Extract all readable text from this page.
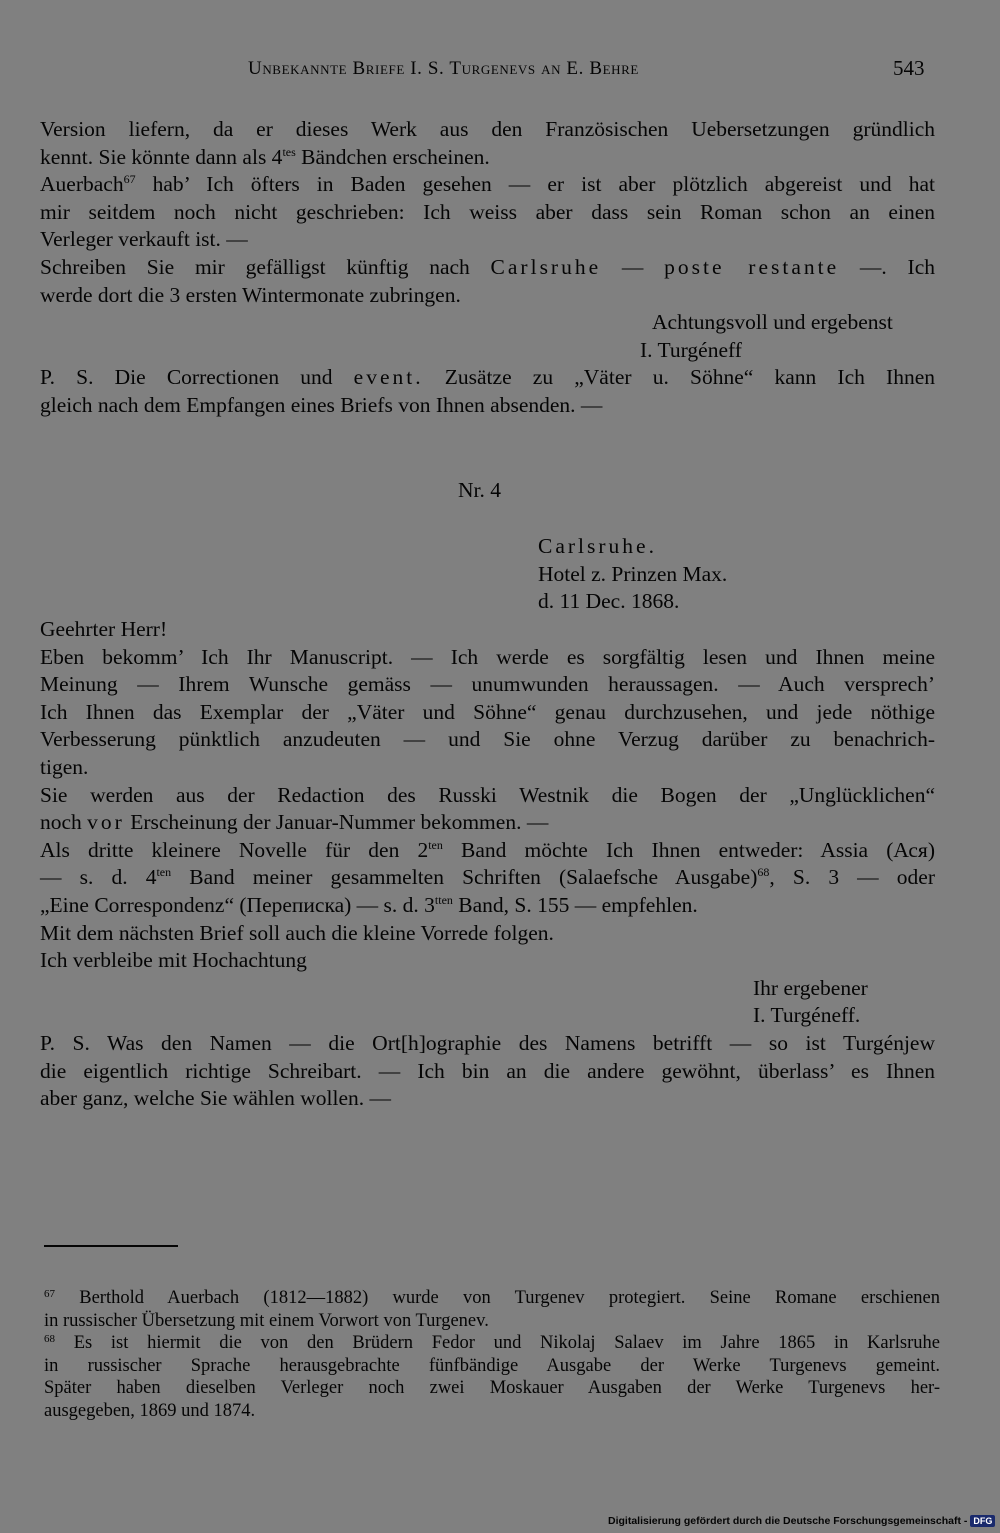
Unbekannte Briefe I. S. Turgenevs an E. Behre	543
Version liefern, da er dieses Werk aus den Französischen Uebersetzungen gründlich
kennt. Sie könnte dann als $4^{tes}$ Bändchen erscheinen.
Auerbach$^{67}$ hab’ Ich öfters in Baden gesehen — er ist aber plötzlich abgereist und hat
mir seitdem noch nicht geschrieben: Ich weiss aber dass sein Roman schon an einen
Verleger verkauft ist. —
Schreiben Sie mir gefälligst künftig nach Carlsruhe — poste restante —. Ich
werde dort die 3 ersten Wintermonate zubringen.
Achtungsvoll und ergebenst
I. Turgéneff
P. S. Die Correctionen und event. Zusätze zu „Väter u. Söhne“ kann Ich Ihnen
gleich nach dem Empfangen eines Briefs von Ihnen absenden. —
Nr. 4
Carlsruhe.
Hotel z. Prinzen Max.
d. 11 Dec. 1868.
Geehrter Herr!
Eben bekomm’ Ich Ihr Manuscript. — Ich werde es sorgfältig lesen und Ihnen meine
Meinung — Ihrem Wunsche gemäss — unumwunden heraussagen. — Auch versprech’
Ich Ihnen das Exemplar der „Väter und Söhne“ genau durchzusehen, und jede nöthige
Verbesserung pünktlich anzudeuten — und Sie ohne Verzug darüber zu benachrich-
tigen.
Sie werden aus der Redaction des Russki Westnik die Bogen der „Unglücklichen“
noch vor Erscheinung der Januar-Nummer bekommen. —
Als dritte kleinere Novelle für den $2^{ten}$ Band möchte Ich Ihnen entweder: Assia (Ася)
— s. d. $4^{ten}$ Band meiner gesammelten Schriften (Salaefsche Ausgabe)$^{68}$, S. 3 — oder
„Eine Correspondenz“ (Переписка) — s. d. $3^{tten}$ Band, S. 155 — empfehlen.
Mit dem nächsten Brief soll auch die kleine Vorrede folgen.
Ich verbleibe mit Hochachtung
Ihr ergebener
I. Turgéneff.
P. S. Was den Namen — die Ort[h]ographie des Namens betrifft — so ist Turgénjew
die eigentlich richtige Schreibart. — Ich bin an die andere gewöhnt, überlass’ es Ihnen
aber ganz, welche Sie wählen wollen. —
$^{67}$ Berthold Auerbach (1812—1882) wurde von Turgenev protegiert. Seine Romane erschienen
in russischer Übersetzung mit einem Vorwort von Turgenev.
$^{68}$ Es ist hiermit die von den Brüdern Fedor und Nikolaj Salaev im Jahre 1865 in Karlsruhe
in russischer Sprache herausgebrachte fünfbändige Ausgabe der Werke Turgenevs gemeint.
Später haben dieselben Verleger noch zwei Moskauer Ausgaben der Werke Turgenevs her-
ausgegeben, 1869 und 1874.
Digitalisierung gefördert durch die Deutsche Forschungsgemeinschaft - DFG
